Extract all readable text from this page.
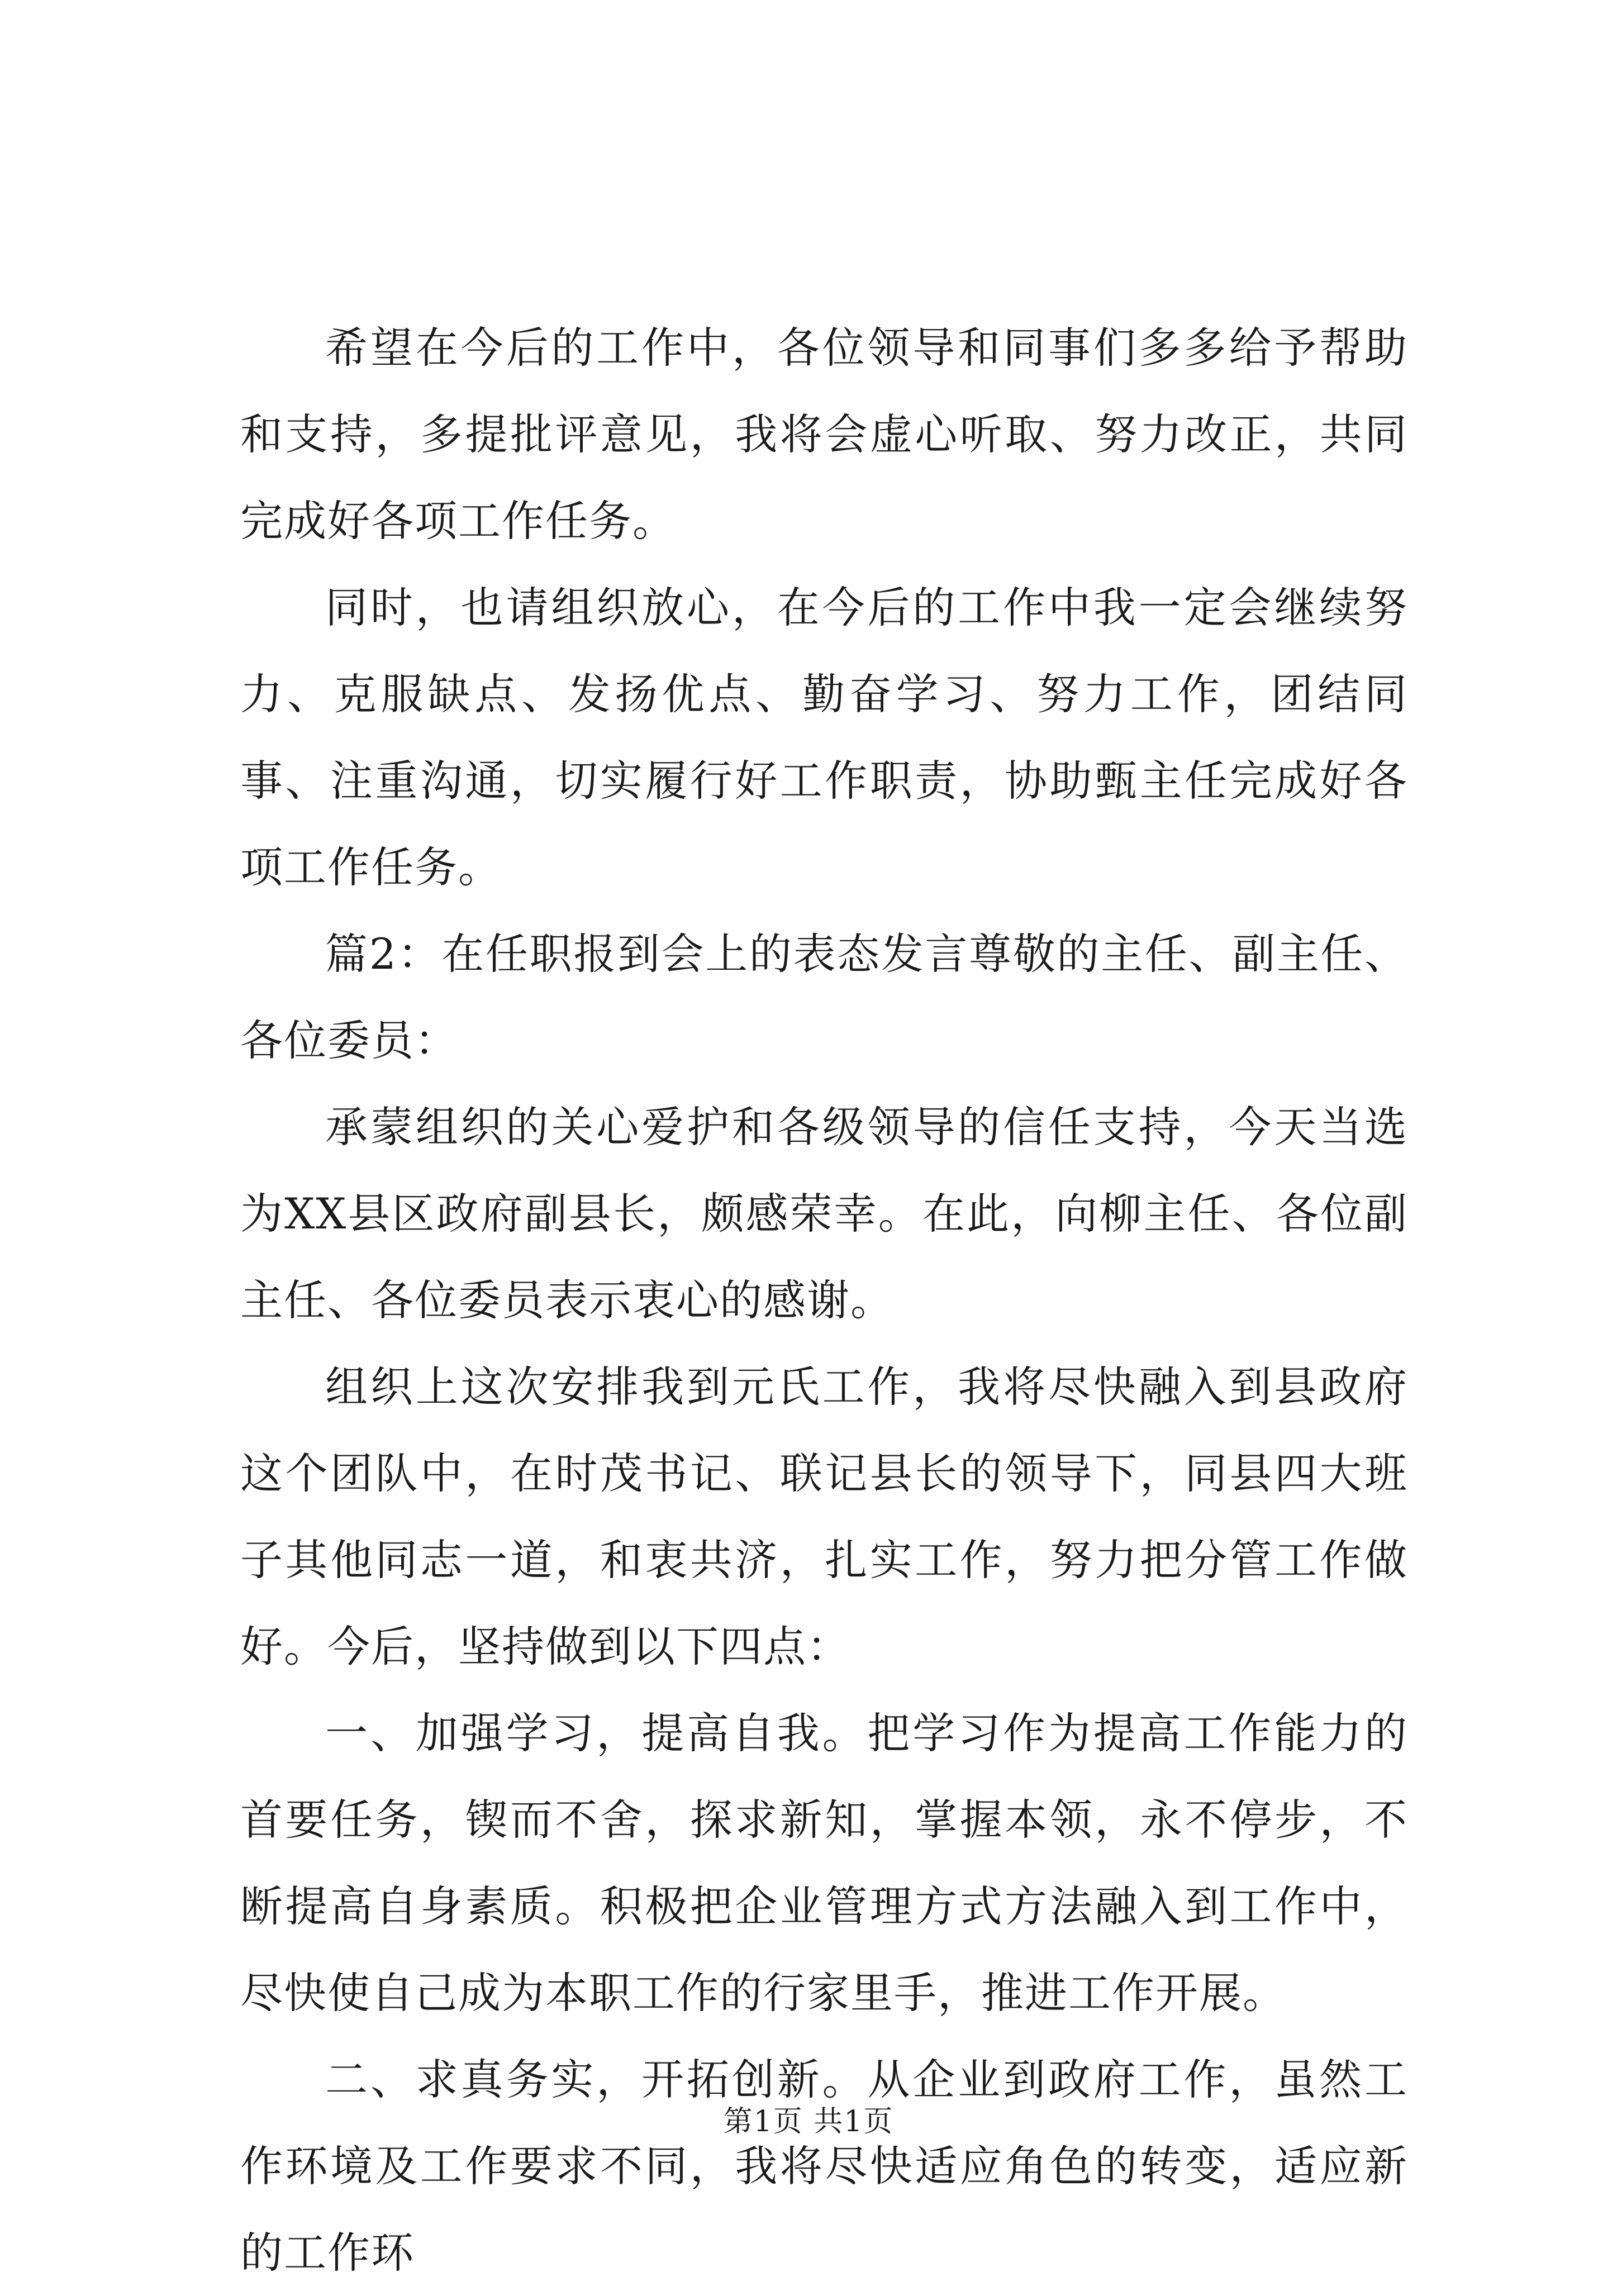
希望在今后的工作中，各位领导和同事们多多给予帮助和支持，多提批评意见，我将会虚心听取、努力改正，共同完成好各项工作任务。

同时，也请组织放心，在今后的工作中我一定会继续努力、克服缺点、发扬优点、勤奋学习、努力工作，团结同事、注重沟通，切实履行好工作职责，协助甄主任完成好各项工作任务。

篇2：在任职报到会上的表态发言尊敬的主任、副主任、各位委员：

承蒙组织的关心爱护和各级领导的信任支持，今天当选为XX县区政府副县长，颇感荣幸。在此，向柳主任、各位副主任、各位委员表示衷心的感谢。

组织上这次安排我到元氏工作，我将尽快融入到县政府这个团队中，在时茂书记、联记县长的领导下，同县四大班子其他同志一道，和衷共济，扎实工作，努力把分管工作做好。今后，坚持做到以下四点：

一、加强学习，提高自我。把学习作为提高工作能力的首要任务，锲而不舍，探求新知，掌握本领，永不停步，不断提高自身素质。积极把企业管理方式方法融入到工作中，尽快使自己成为本职工作的行家里手，推进工作开展。

二、求真务实，开拓创新。从企业到政府工作，虽然工作环境及工作要求不同，我将尽快适应角色的转变，适应新的工作环

第1页 共1页
